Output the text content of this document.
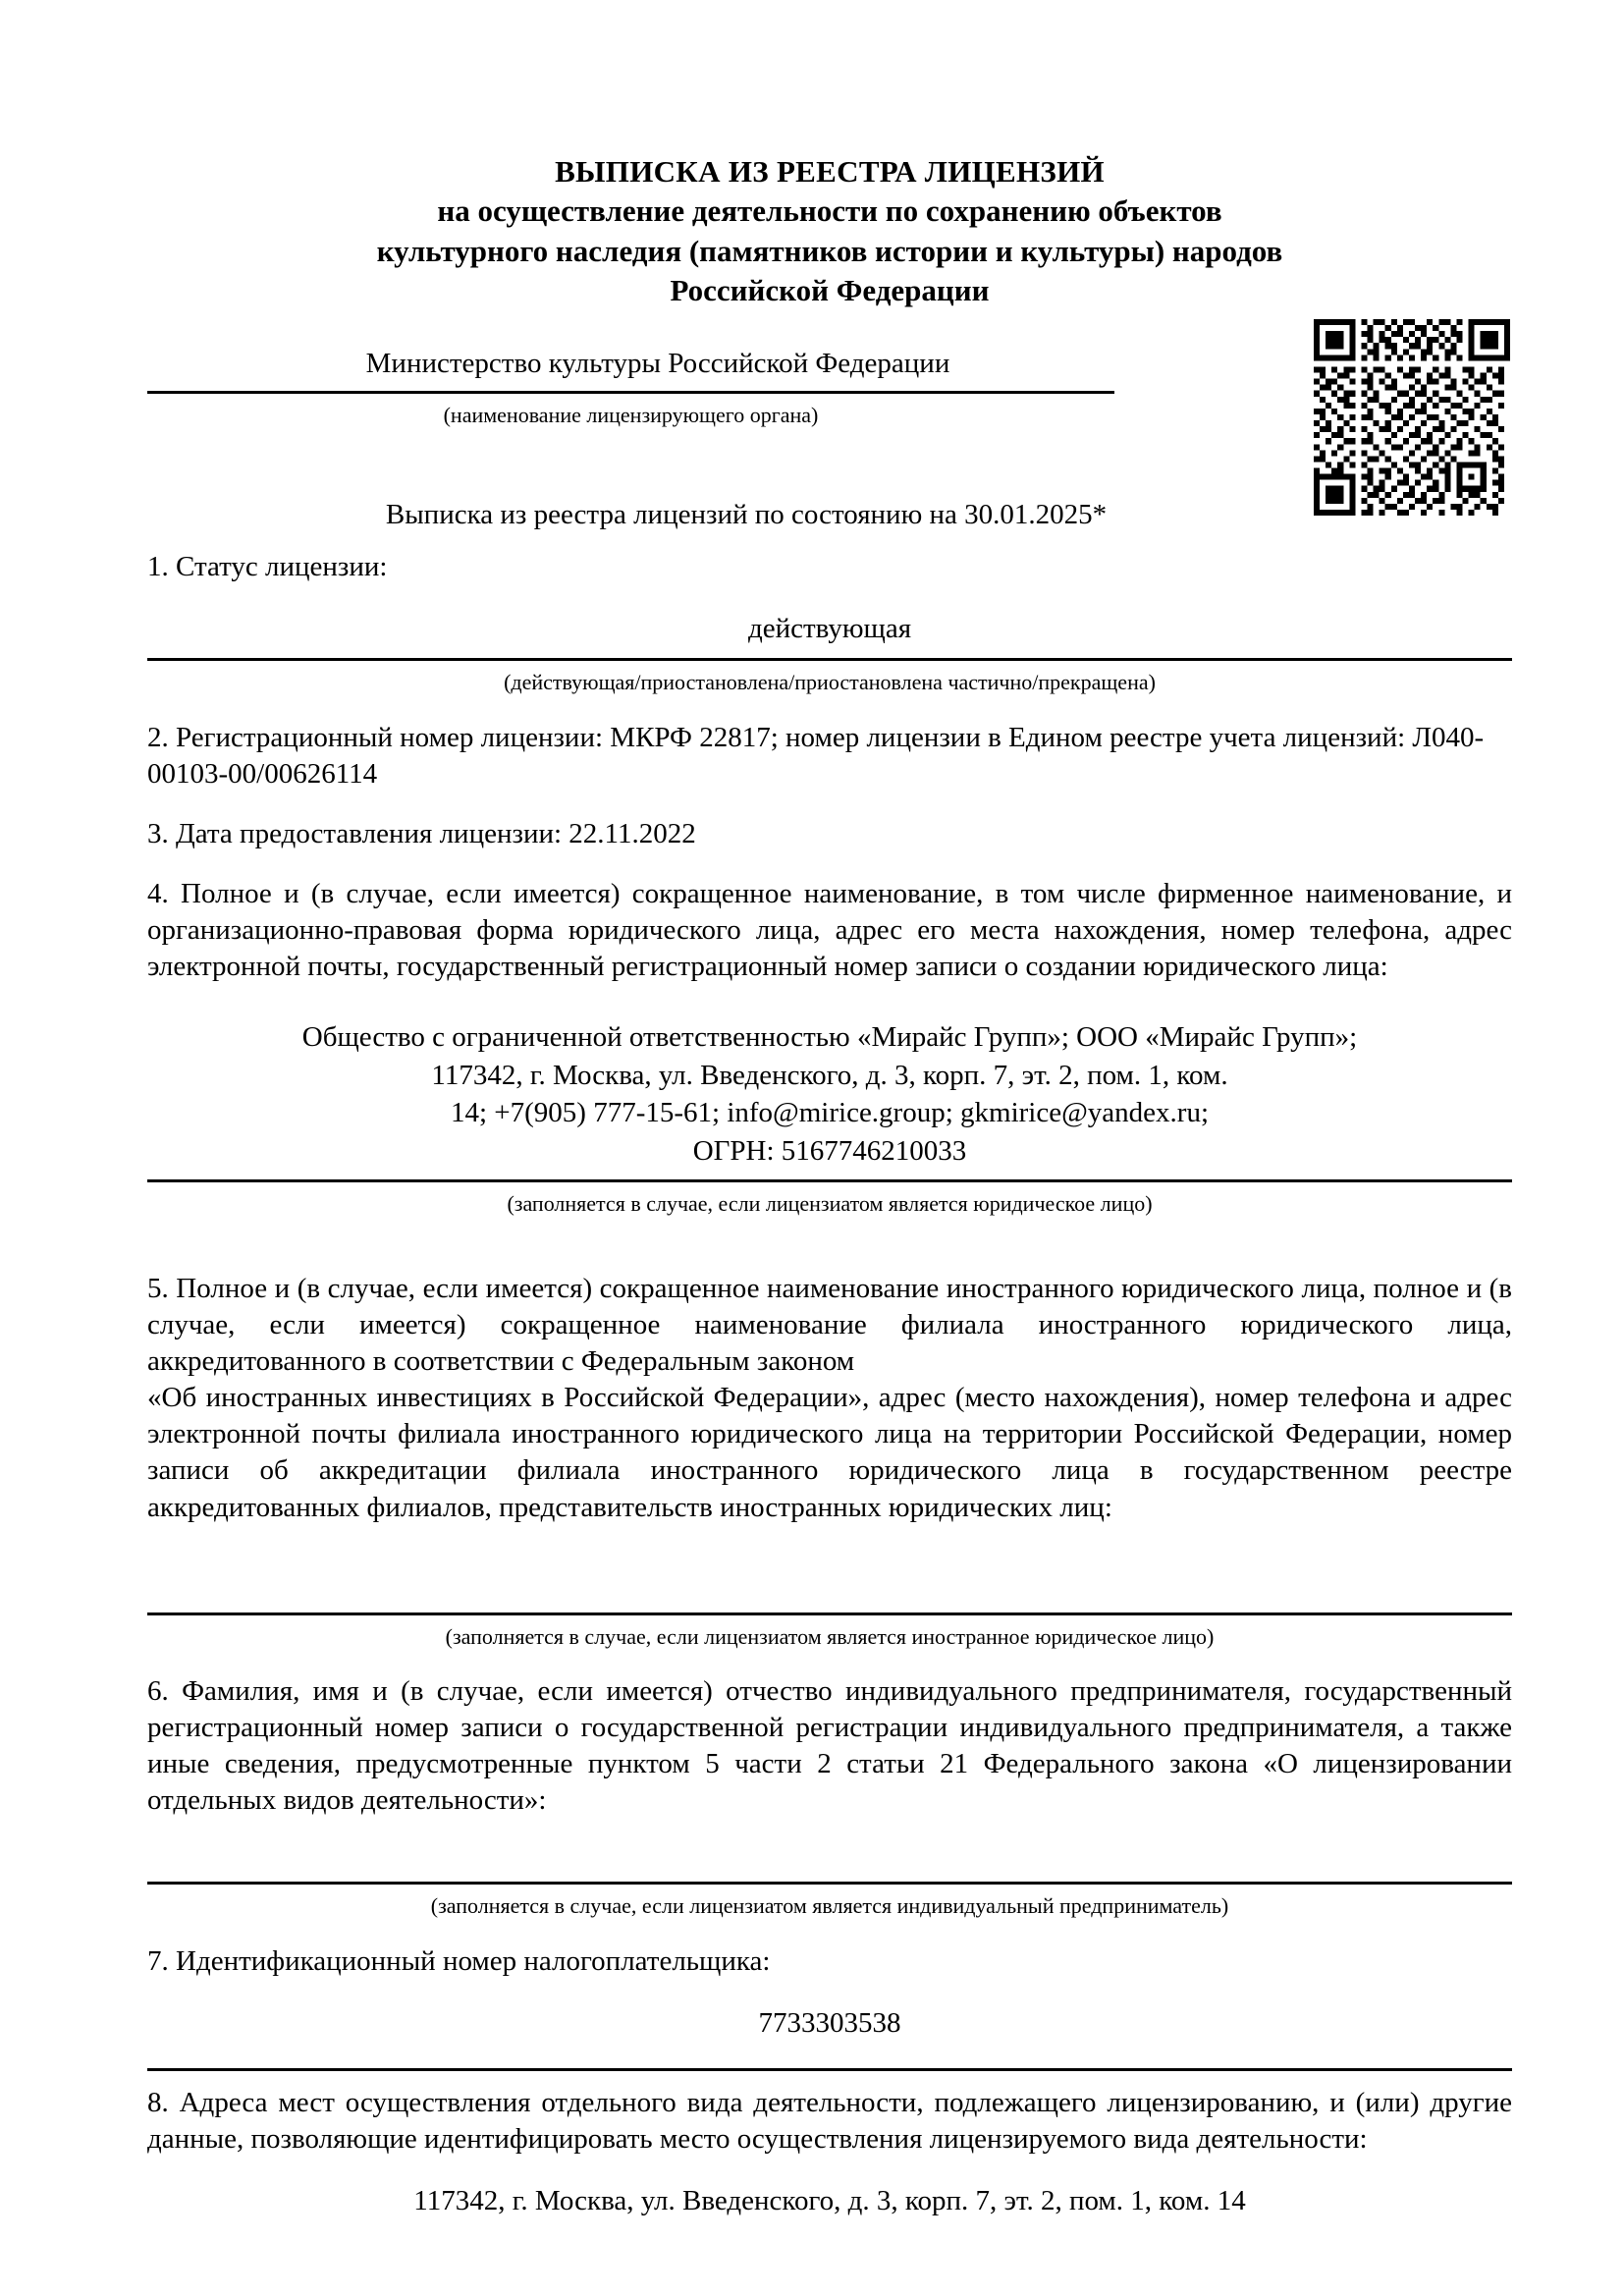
ВЫПИСКА ИЗ РЕЕСТРА ЛИЦЕНЗИЙ
на осуществление деятельности по сохранению объектов
культурного наследия (памятников истории и культуры) народов
Российской Федерации
Министерство культуры Российской Федерации
(наименование лицензирующего органа)
Выписка из реестра лицензий по состоянию на 30.01.2025*
1. Статус лицензии:
действующая
(действующая/приостановлена/приостановлена частично/прекращена)
2. Регистрационный номер лицензии: МКРФ 22817; номер лицензии в Едином реестре учета лицензий: Л040-00103-00/00626114
3. Дата предоставления лицензии: 22.11.2022
4. Полное и (в случае, если имеется) сокращенное наименование, в том числе фирменное наименование, и организационно-правовая форма юридического лица, адрес его места нахождения, номер телефона, адрес электронной почты, государственный регистрационный номер записи о создании юридического лица:
Общество с ограниченной ответственностью «Мирайс Групп»; ООО «Мирайс Групп»;
117342, г. Москва, ул. Введенского, д. 3, корп. 7, эт. 2, пом. 1, ком.
14; +7(905) 777-15-61; info@mirice.group; gkmirice@yandex.ru;
ОГРН: 5167746210033
(заполняется в случае, если лицензиатом является юридическое лицо)
5. Полное и (в случае, если имеется) сокращенное наименование иностранного юридического лица, полное и (в случае, если имеется) сокращенное наименование филиала иностранного юридического лица, аккредитованного в соответствии с Федеральным законом
«Об иностранных инвестициях в Российской Федерации», адрес (место нахождения), номер телефона и адрес электронной почты филиала иностранного юридического лица на территории Российской Федерации, номер записи об аккредитации филиала иностранного юридического лица в государственном реестре аккредитованных филиалов, представительств иностранных юридических лиц:
(заполняется в случае, если лицензиатом является иностранное юридическое лицо)
6. Фамилия, имя и (в случае, если имеется) отчество индивидуального предпринимателя, государственный регистрационный номер записи о государственной регистрации индивидуального предпринимателя, а также иные сведения, предусмотренные пунктом 5 части 2 статьи 21 Федерального закона «О лицензировании отдельных видов деятельности»:
(заполняется в случае, если лицензиатом является индивидуальный предприниматель)
7. Идентификационный номер налогоплательщика:
7733303538
8. Адреса мест осуществления отдельного вида деятельности, подлежащего лицензированию, и (или) другие данные, позволяющие идентифицировать место осуществления лицензируемого вида деятельности:
117342, г. Москва, ул. Введенского, д. 3, корп. 7, эт. 2, пом. 1, ком. 14
